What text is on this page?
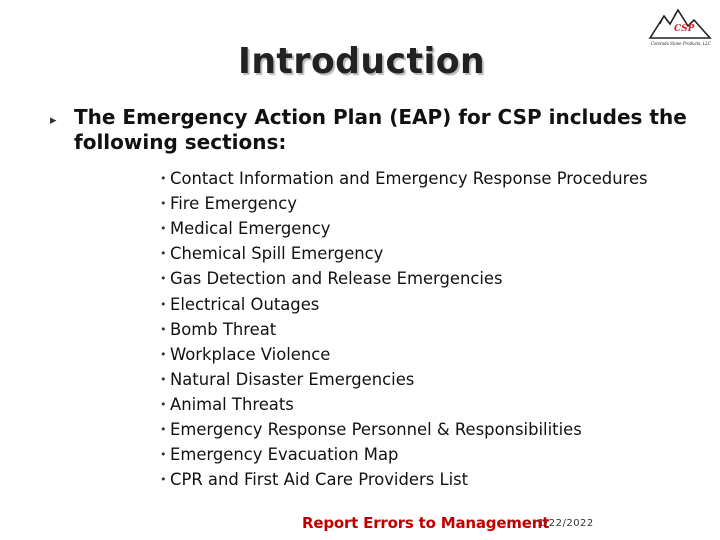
CSP
Colorado Stone Products, LLC
Introduction
▸ The Emergency Action Plan (EAP) for CSP includes the following sections:
• Contact Information and Emergency Response Procedures
• Fire Emergency
• Medical Emergency
• Chemical Spill Emergency
• Gas Detection and Release Emergencies
• Electrical Outages
• Bomb Threat
• Workplace Violence
• Natural Disaster Emergencies
• Animal Threats
• Emergency Response Personnel & Responsibilities
• Emergency Evacuation Map
• CPR and First Aid Care Providers List
Report Errors to Management
1/22/2022
